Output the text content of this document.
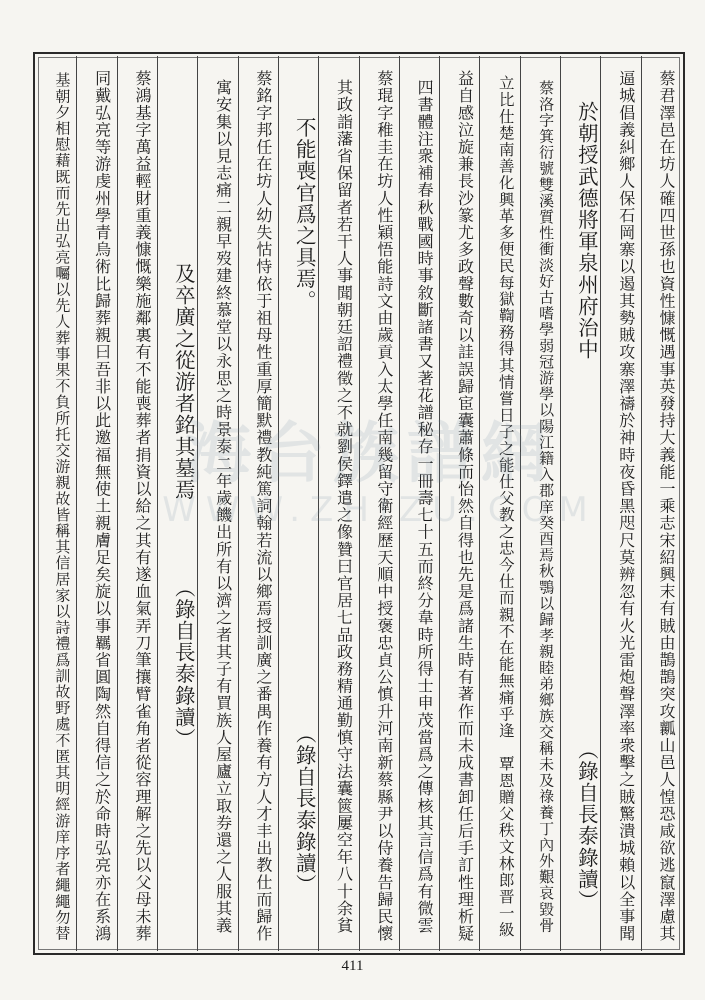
蔡君澤邑在坊人確四世孫也資性慷慨遇事英發持大義能一乘志宋紹興末有賊由鵲鵲突攻瓤山邑人惶恐咸欲逃竄澤慮其
逼城倡義糾鄉人保石岡寨以遏其勢賊攻寨澤禱於神時夜昏黑咫尺莫辨忽有火光雷炮聲澤率衆擊之賊驚潰城賴以全事聞
於朝授武德將軍泉州府治中　　　　　　　　　　　　　　　　　　（錄自長泰錄讀）
蔡洛字箕衍號雙溪質性衝淡好古嗜學弱冠游學以陽江籍入郡庠癸酉焉秋鶚以歸孝親睦弟鄉族交稱未及祿養丁內外艱哀毀骨
立比仕楚南善化興革多便民每獄鞫務得其情嘗日子之能仕父教之忠今仕而親不在能無痛乎逢　覃恩贈父秩文林郎晋一級
益自感泣旋兼長沙篆尤多政聲數奇以詿誤歸宦囊蕭條而怡然自得也先是爲諸生時有著作而未成書卸任后手訂性理析疑
四書體注衆補春秋戰國時事敘斷諸書又著花譜秘存一冊壽七十五而終分韋時所得士申茂當爲之傳核其言信爲有微雲
蔡琨字稚圭在坊人性穎悟能詩文由歲貢入太學任南幾留守衛經歷天順中授褒忠貞公慎升河南新蔡縣尹以侍養告歸民懷
其政詣藩省保留者若干人事聞朝廷詔禮徵之不就劉侯鐸遣之像贊曰官居七品政務精通勤慎守法囊篋屢空年八十余貧
不能喪官爲之具焉。　　　　　　　　　　　　　　　　　　　　（錄自長泰錄讀）
蔡銘字邦任在坊人幼失怙恃依于祖母性重厚簡默禮教純篤詞翰若流以鄉焉授訓廣之番禺作養有方人才丰出教仕而歸作
寓安集以見志痛二親早歿建終慕堂以永思之時景泰二年歲饑出所有以濟之者其子有買族人屋廬立取券還之人服其義
及卒廣之從游者銘其墓焉　　　　（錄自長泰錄讀）
蔡鴻基字萬益輕財重義慷慨樂施鄰裏有不能喪葬者捐資以給之其有遂血氣弄刀筆攘臂雀角者從容理解之先以父母未葬
同戴弘亮等游虔州學青烏術比歸葬親曰吾非以此邀福無使土親膚足矣旋以事羈省圓陶然自得信之於命時弘亮亦在系鴻
基朝夕相慰藉既而先出弘亮囑以先人葬事果不負所托交游親故皆稱其信居家以詩禮爲訓故野處不匿其明經游庠序者繩繩勿替	海台族譜網
WWW.ZHIZU.COM
411
